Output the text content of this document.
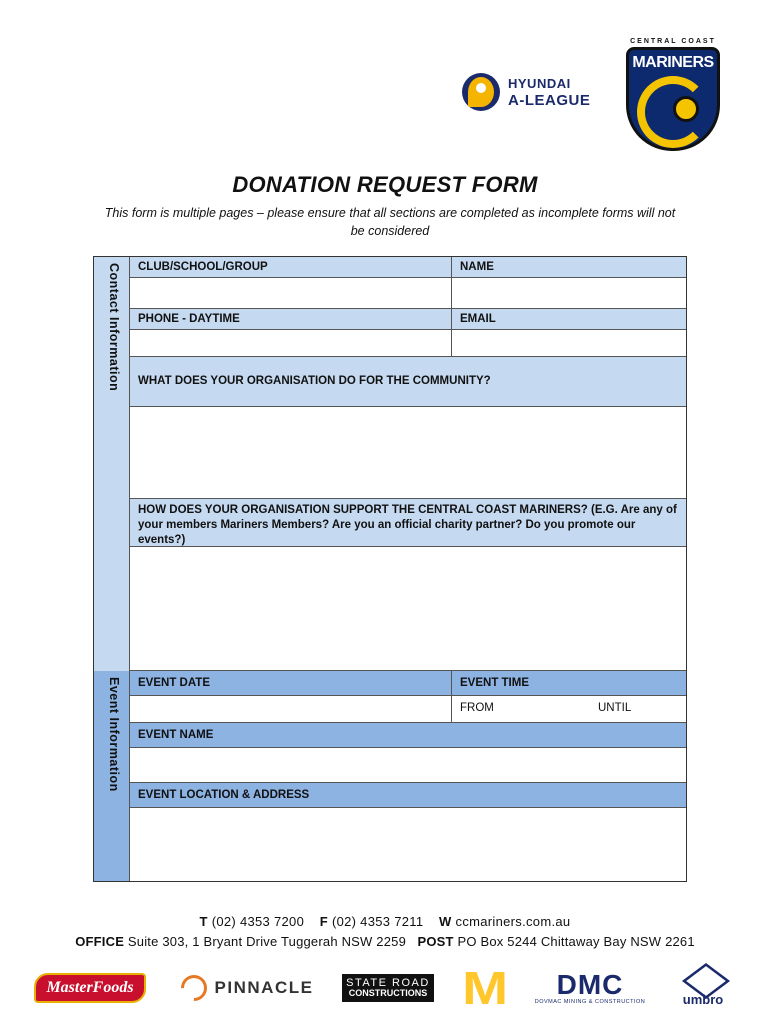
HYUNDAI
A-LEAGUE
CENTRAL COAST
MARINERS
DONATION REQUEST FORM
This form is multiple pages – please ensure that all sections are completed as incomplete forms will not be considered
Contact Information
Event Information
CLUB/SCHOOL/GROUP	NAME
PHONE - DAYTIME	EMAIL
WHAT DOES YOUR ORGANISATION DO FOR THE COMMUNITY?
HOW DOES YOUR ORGANISATION SUPPORT THE CENTRAL COAST MARINERS? (E.G. Are any of your members Mariners Members? Are you an official charity partner? Do you promote our events?)
EVENT DATE	EVENT TIME
FROM	UNTIL
EVENT NAME
EVENT LOCATION & ADDRESS
T (02) 4353 7200 F (02) 4353 7211 W ccmariners.com.au
OFFICE Suite 303, 1 Bryant Drive Tuggerah NSW 2259 POST PO Box 5244 Chittaway Bay NSW 2261
MasterFoods	PINNACLE	STATE ROAD
CONSTRUCTIONS M DMC
DOVMAC MINING & CONSTRUCTION	umbro
